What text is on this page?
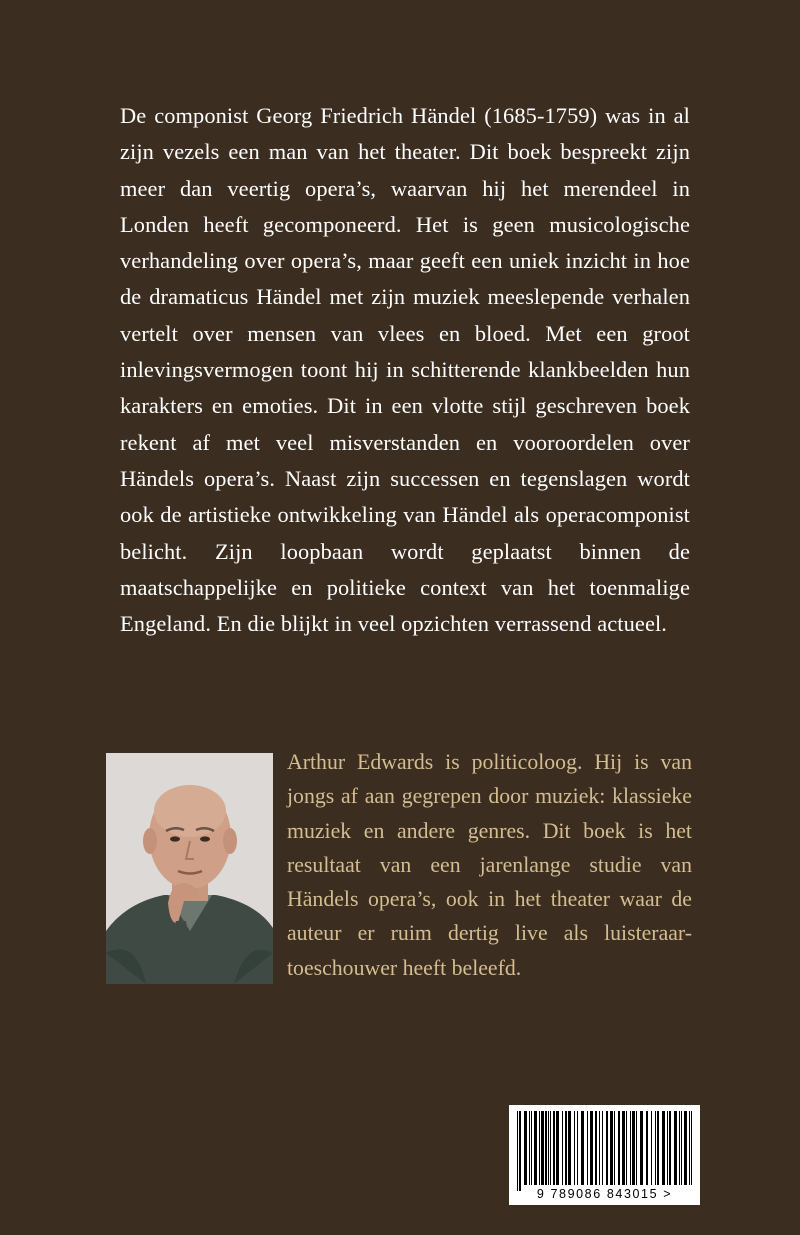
De componist Georg Friedrich Händel (1685-1759) was in al zijn vezels een man van het theater. Dit boek bespreekt zijn meer dan veertig opera’s, waarvan hij het merendeel in Londen heeft gecomponeerd. Het is geen musicologische verhandeling over opera’s, maar geeft een uniek inzicht in hoe de dramaticus Händel met zijn muziek meeslepende verhalen vertelt over mensen van vlees en bloed. Met een groot inlevingsvermogen toont hij in schitterende klankbeelden hun karakters en emoties. Dit in een vlotte stijl geschreven boek rekent af met veel misverstanden en vooroordelen over Händels opera’s. Naast zijn successen en tegenslagen wordt ook de artistieke ontwikkeling van Händel als operacomponist belicht. Zijn loopbaan wordt geplaatst binnen de maatschappelijke en politieke context van het toenmalige Engeland. En die blijkt in veel opzichten verrassend actueel.

Arthur Edwards is politicoloog. Hij is van jongs af aan gegrepen door muziek: klassieke muziek en andere genres. Dit boek is het resultaat van een jarenlange studie van Händels opera’s, ook in het theater waar de auteur er ruim dertig live als luisteraar-toeschouwer heeft beleefd.

9 789086 843015 >
